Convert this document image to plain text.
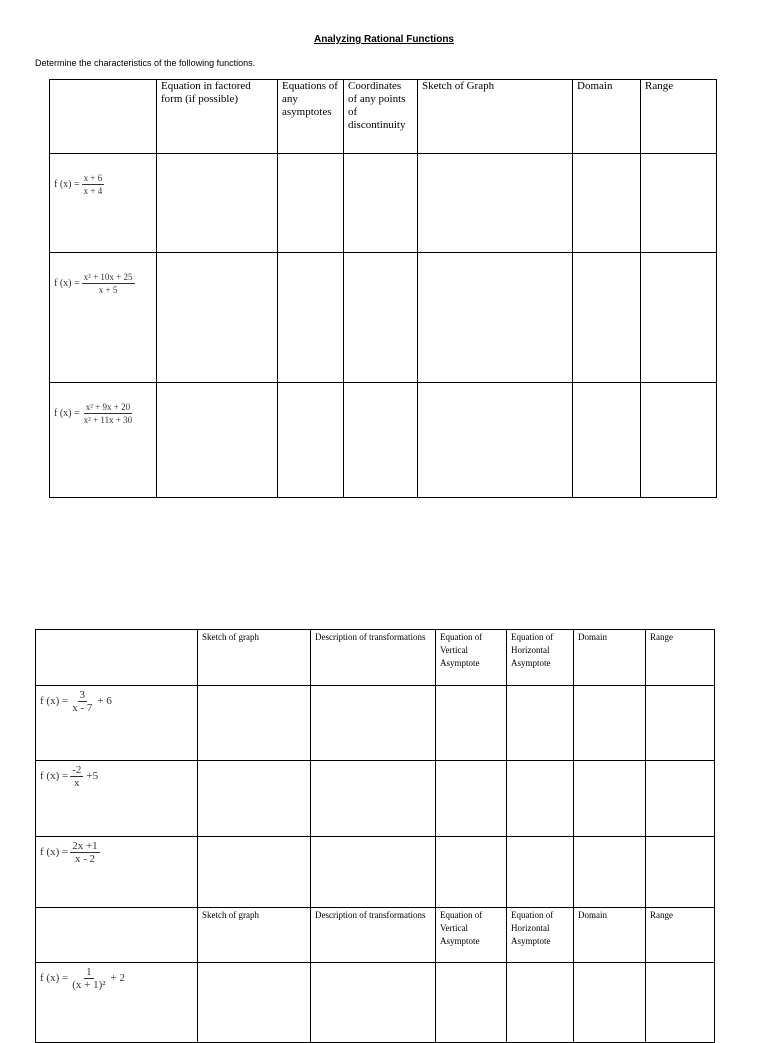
Analyzing Rational Functions
Determine the characteristics of the following functions.
	Equation in factored form (if possible)	Equations of any asymptotes	Coordinates of any points of discontinuity	Sketch of Graph	Domain	Range

f $(x) = \frac{x + 6}{x + 4}$

f $(x) = \frac{\text{x² + 10x + 25}}{x + 5}$

f $(x) = \frac{\text{x² + 9x + 20}}{\text{x² + 11x + 30}}$

	Sketch of graph	Description of transformations	Equation of Vertical Asymptote	Equation of Horizontal Asymptote	Domain	Range

f $(x) = \frac{3}{x - 7} + 6$						

f $(x) = \frac{-2}{x} +5$						

f $(x) = \frac{2x +1}{x - 2}$

	Sketch of graph	Description of transformations	Equation of Vertical Asymptote	Equation of Horizontal Asymptote	Domain	Range

f $(x) = \frac{1}{\text{(x + 1)²}} + 2$						
